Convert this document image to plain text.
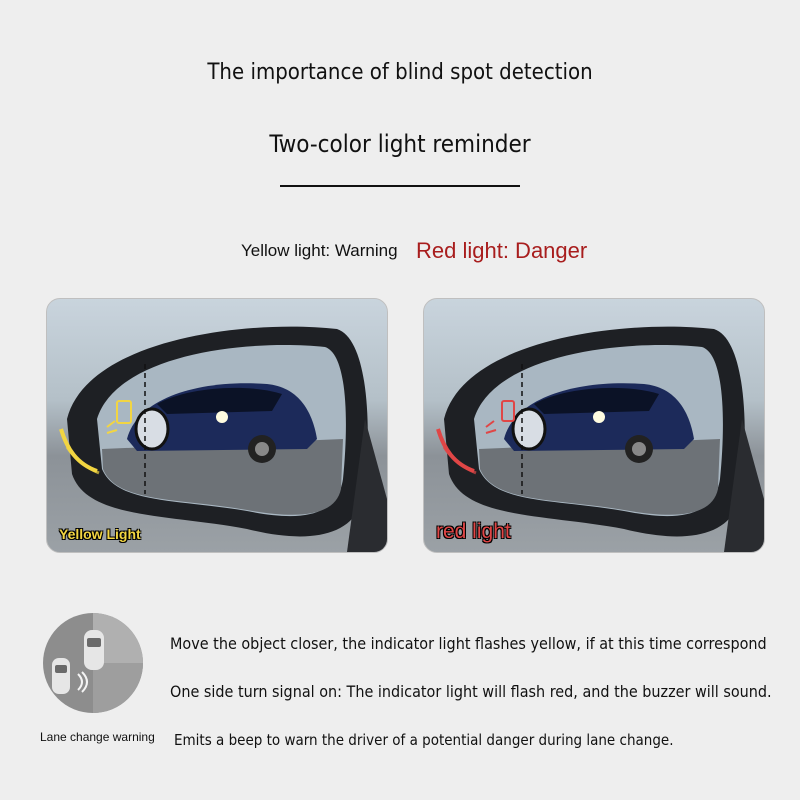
The importance of blind spot detection
Two-color light reminder
Yellow light: Warning Red light: Danger
Yellow Light	red light
Lane change warning
Move the object closer, the indicator light flashes yellow, if at this time correspond
One side turn signal on: The indicator light will flash red, and the buzzer will sound.
Emits a beep to warn the driver of a potential danger during lane change.
